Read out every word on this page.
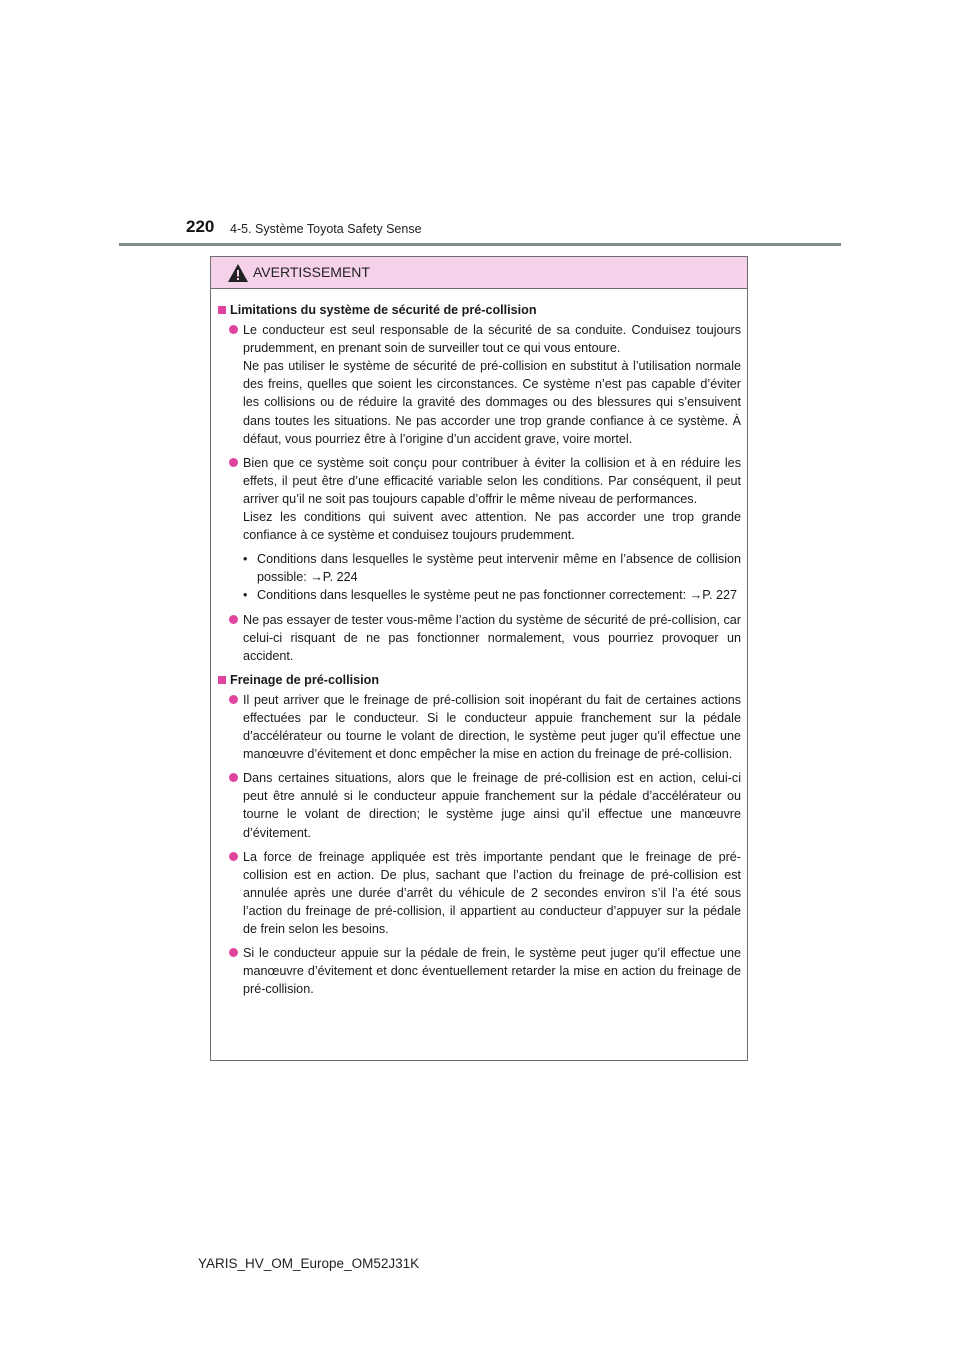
220 4-5. Système Toyota Safety Sense
AVERTISSEMENT
Limitations du système de sécurité de pré-collision

Le conducteur est seul responsable de la sécurité de sa conduite. Conduisez toujours prudemment, en prenant soin de surveiller tout ce qui vous entoure.

Ne pas utiliser le système de sécurité de pré-collision en substitut à l’utilisation normale des freins, quelles que soient les circonstances. Ce système n’est pas capable d’éviter les collisions ou de réduire la gravité des dommages ou des blessures qui s’ensuivent dans toutes les situations. Ne pas accorder une trop grande confiance à ce système. À défaut, vous pourriez être à l’origine d’un accident grave, voire mortel.

Bien que ce système soit conçu pour contribuer à éviter la collision et à en réduire les effets, il peut être d’une efficacité variable selon les conditions. Par conséquent, il peut arriver qu’il ne soit pas toujours capable d’offrir le même niveau de performances.

Lisez les conditions qui suivent avec attention. Ne pas accorder une trop grande confiance à ce système et conduisez toujours prudemment.

• Conditions dans lesquelles le système peut intervenir même en l’absence de collision possible: →P. 224
• Conditions dans lesquelles le système peut ne pas fonctionner correctement: →P. 227

Ne pas essayer de tester vous-même l’action du système de sécurité de pré-collision, car celui-ci risquant de ne pas fonctionner normalement, vous pourriez provoquer un accident.

Freinage de pré-collision

Il peut arriver que le freinage de pré-collision soit inopérant du fait de certaines actions effectuées par le conducteur. Si le conducteur appuie franchement sur la pédale d’accélérateur ou tourne le volant de direction, le système peut juger qu’il effectue une manœuvre d’évitement et donc empêcher la mise en action du freinage de pré-collision.

Dans certaines situations, alors que le freinage de pré-collision est en action, celui-ci peut être annulé si le conducteur appuie franchement sur la pédale d’accélérateur ou tourne le volant de direction; le système juge ainsi qu’il effectue une manœuvre d’évitement.

La force de freinage appliquée est très importante pendant que le freinage de pré-collision est en action. De plus, sachant que l’action du freinage de pré-collision est annulée après une durée d’arrêt du véhicule de 2 secondes environ s’il l’a été sous l’action du freinage de pré-collision, il appartient au conducteur d’appuyer sur la pédale de frein selon les besoins.

Si le conducteur appuie sur la pédale de frein, le système peut juger qu’il effectue une manœuvre d’évitement et donc éventuellement retarder la mise en action du freinage de pré-collision.

YARIS_HV_OM_Europe_OM52J31K
